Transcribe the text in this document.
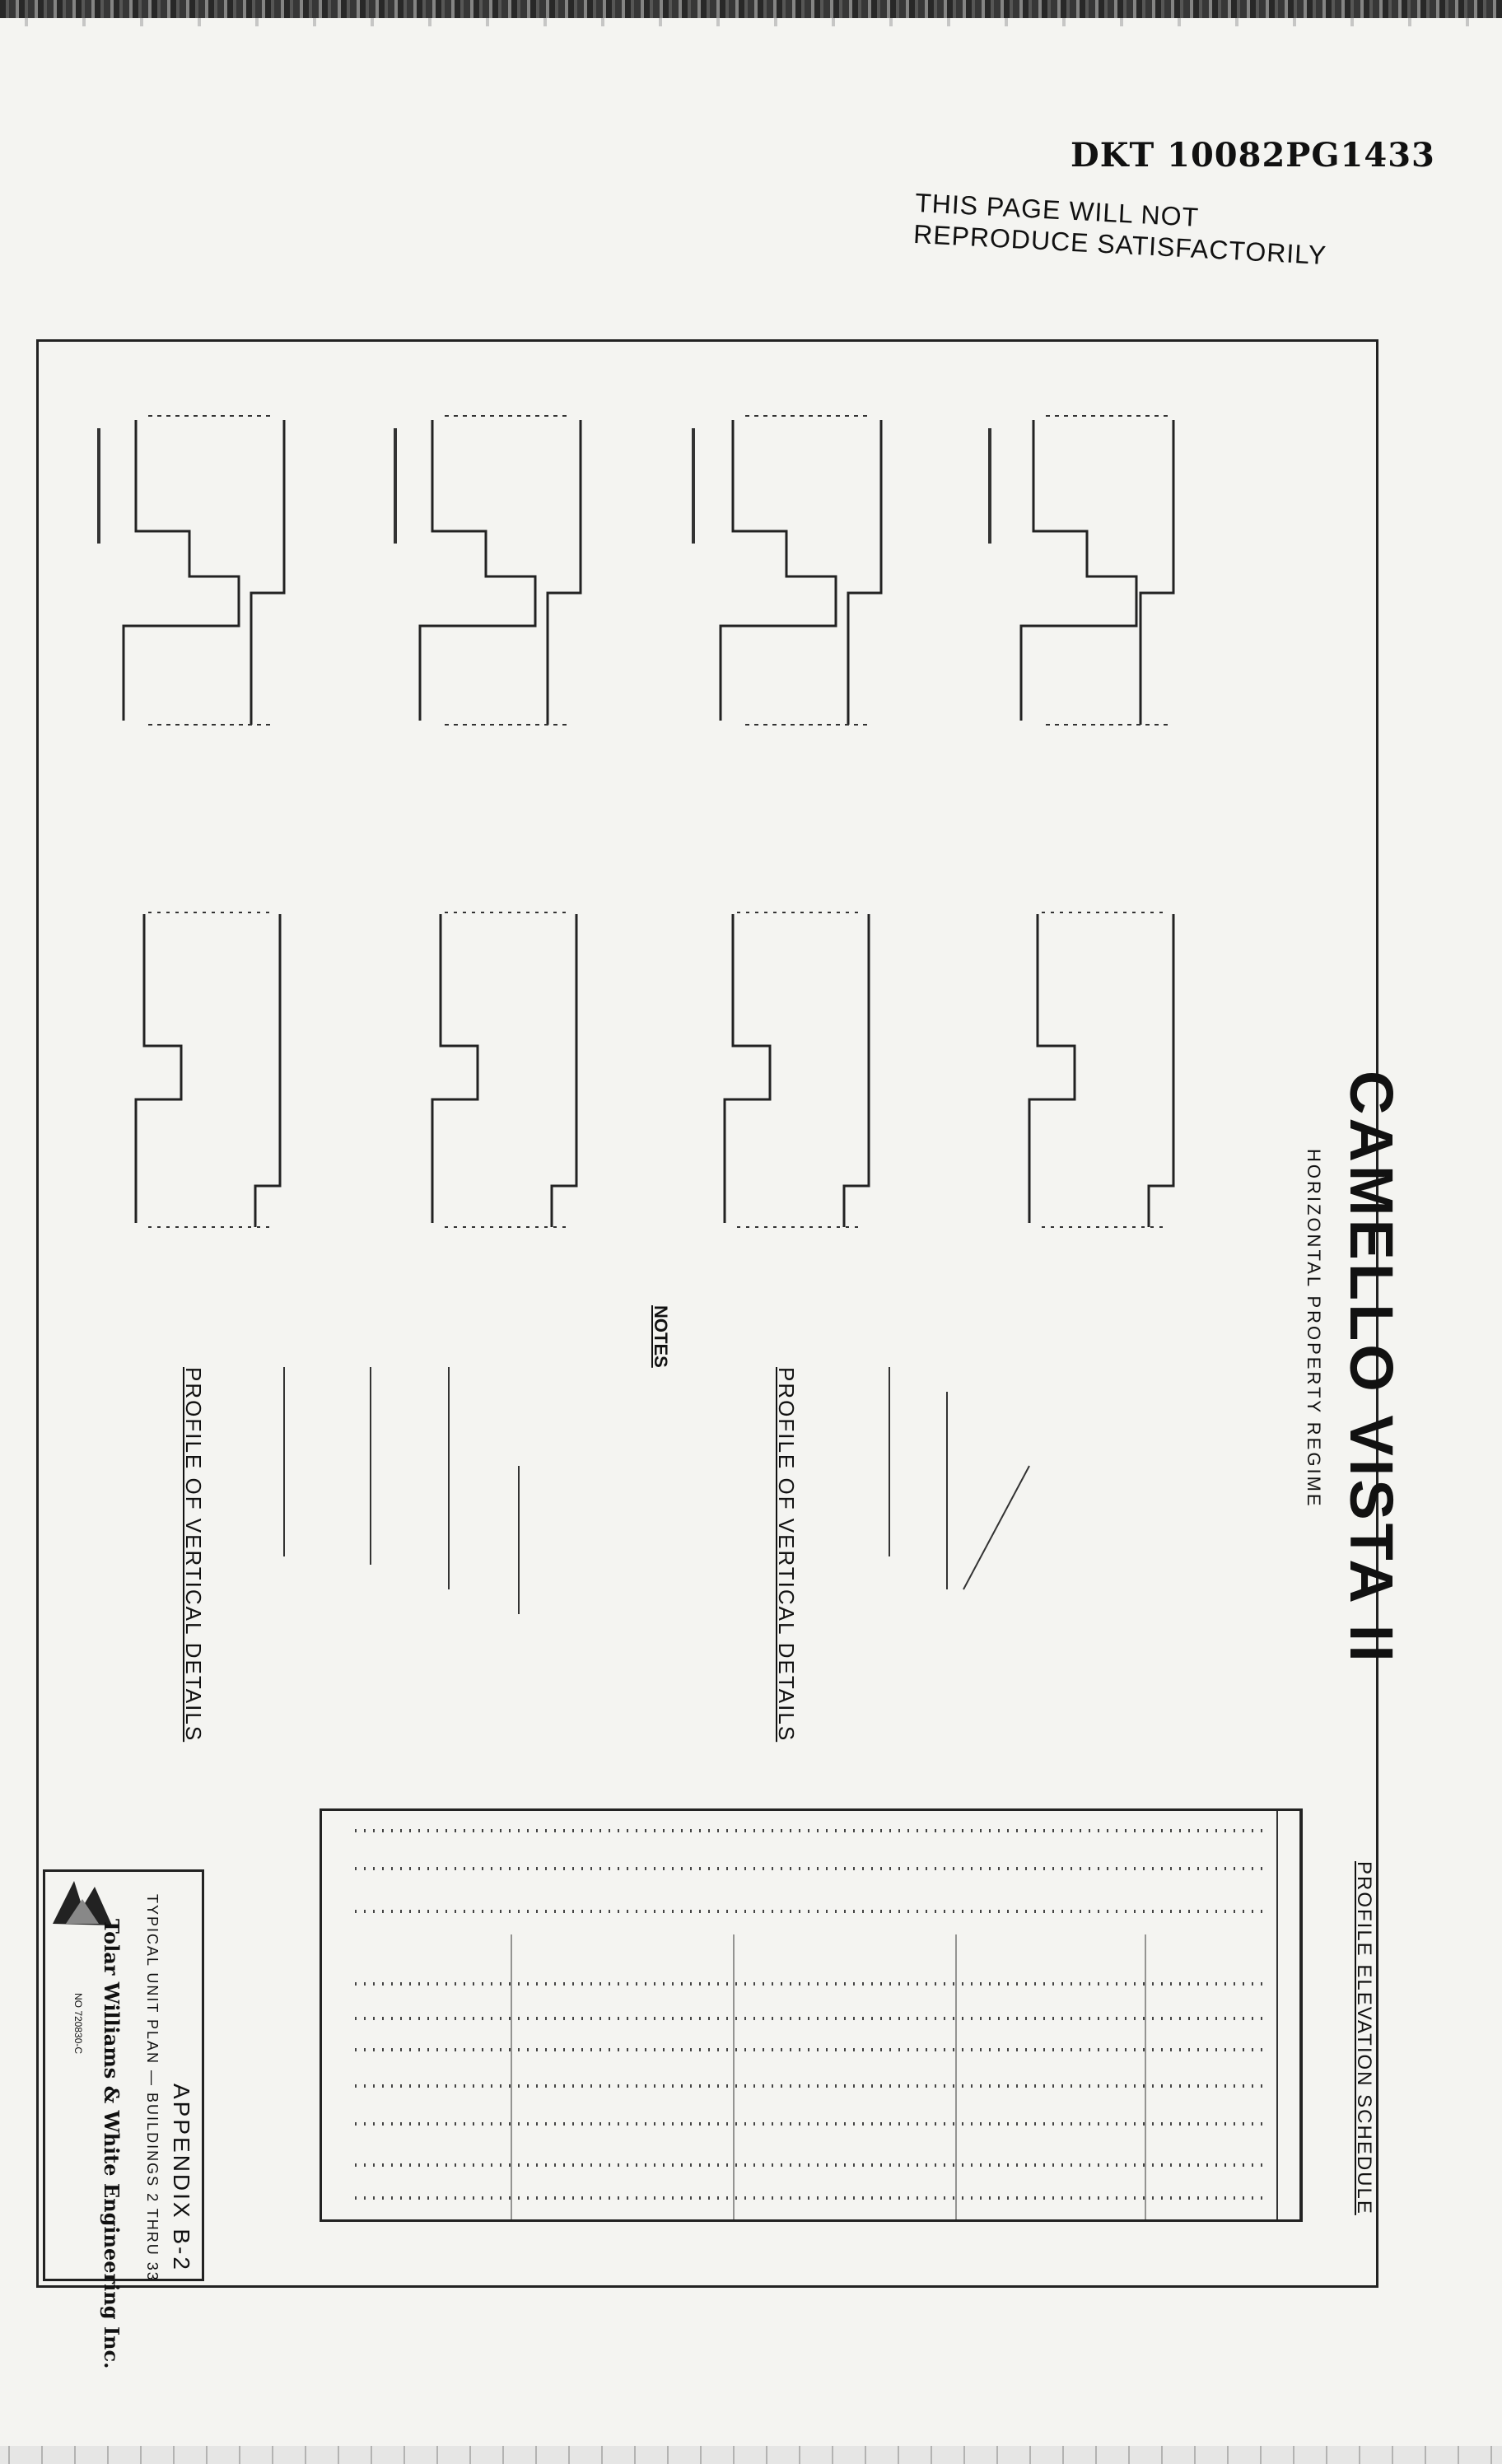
DKT 10082PG1433
THIS PAGE WILL NOT
REPRODUCE SATISFACTORILY
CAMELLO VISTA II
HORIZONTAL PROPERTY REGIME
NOTES
PROFILE OF VERTICAL DETAILS	PROFILE OF VERTICAL DETAILS
PROFILE ELEVATION SCHEDULE
APPENDIX B-2
TYPICAL UNIT PLAN — BUILDINGS 2 THRU 33
Tolar Williams & White Engineering Inc.
NO 720830-C
